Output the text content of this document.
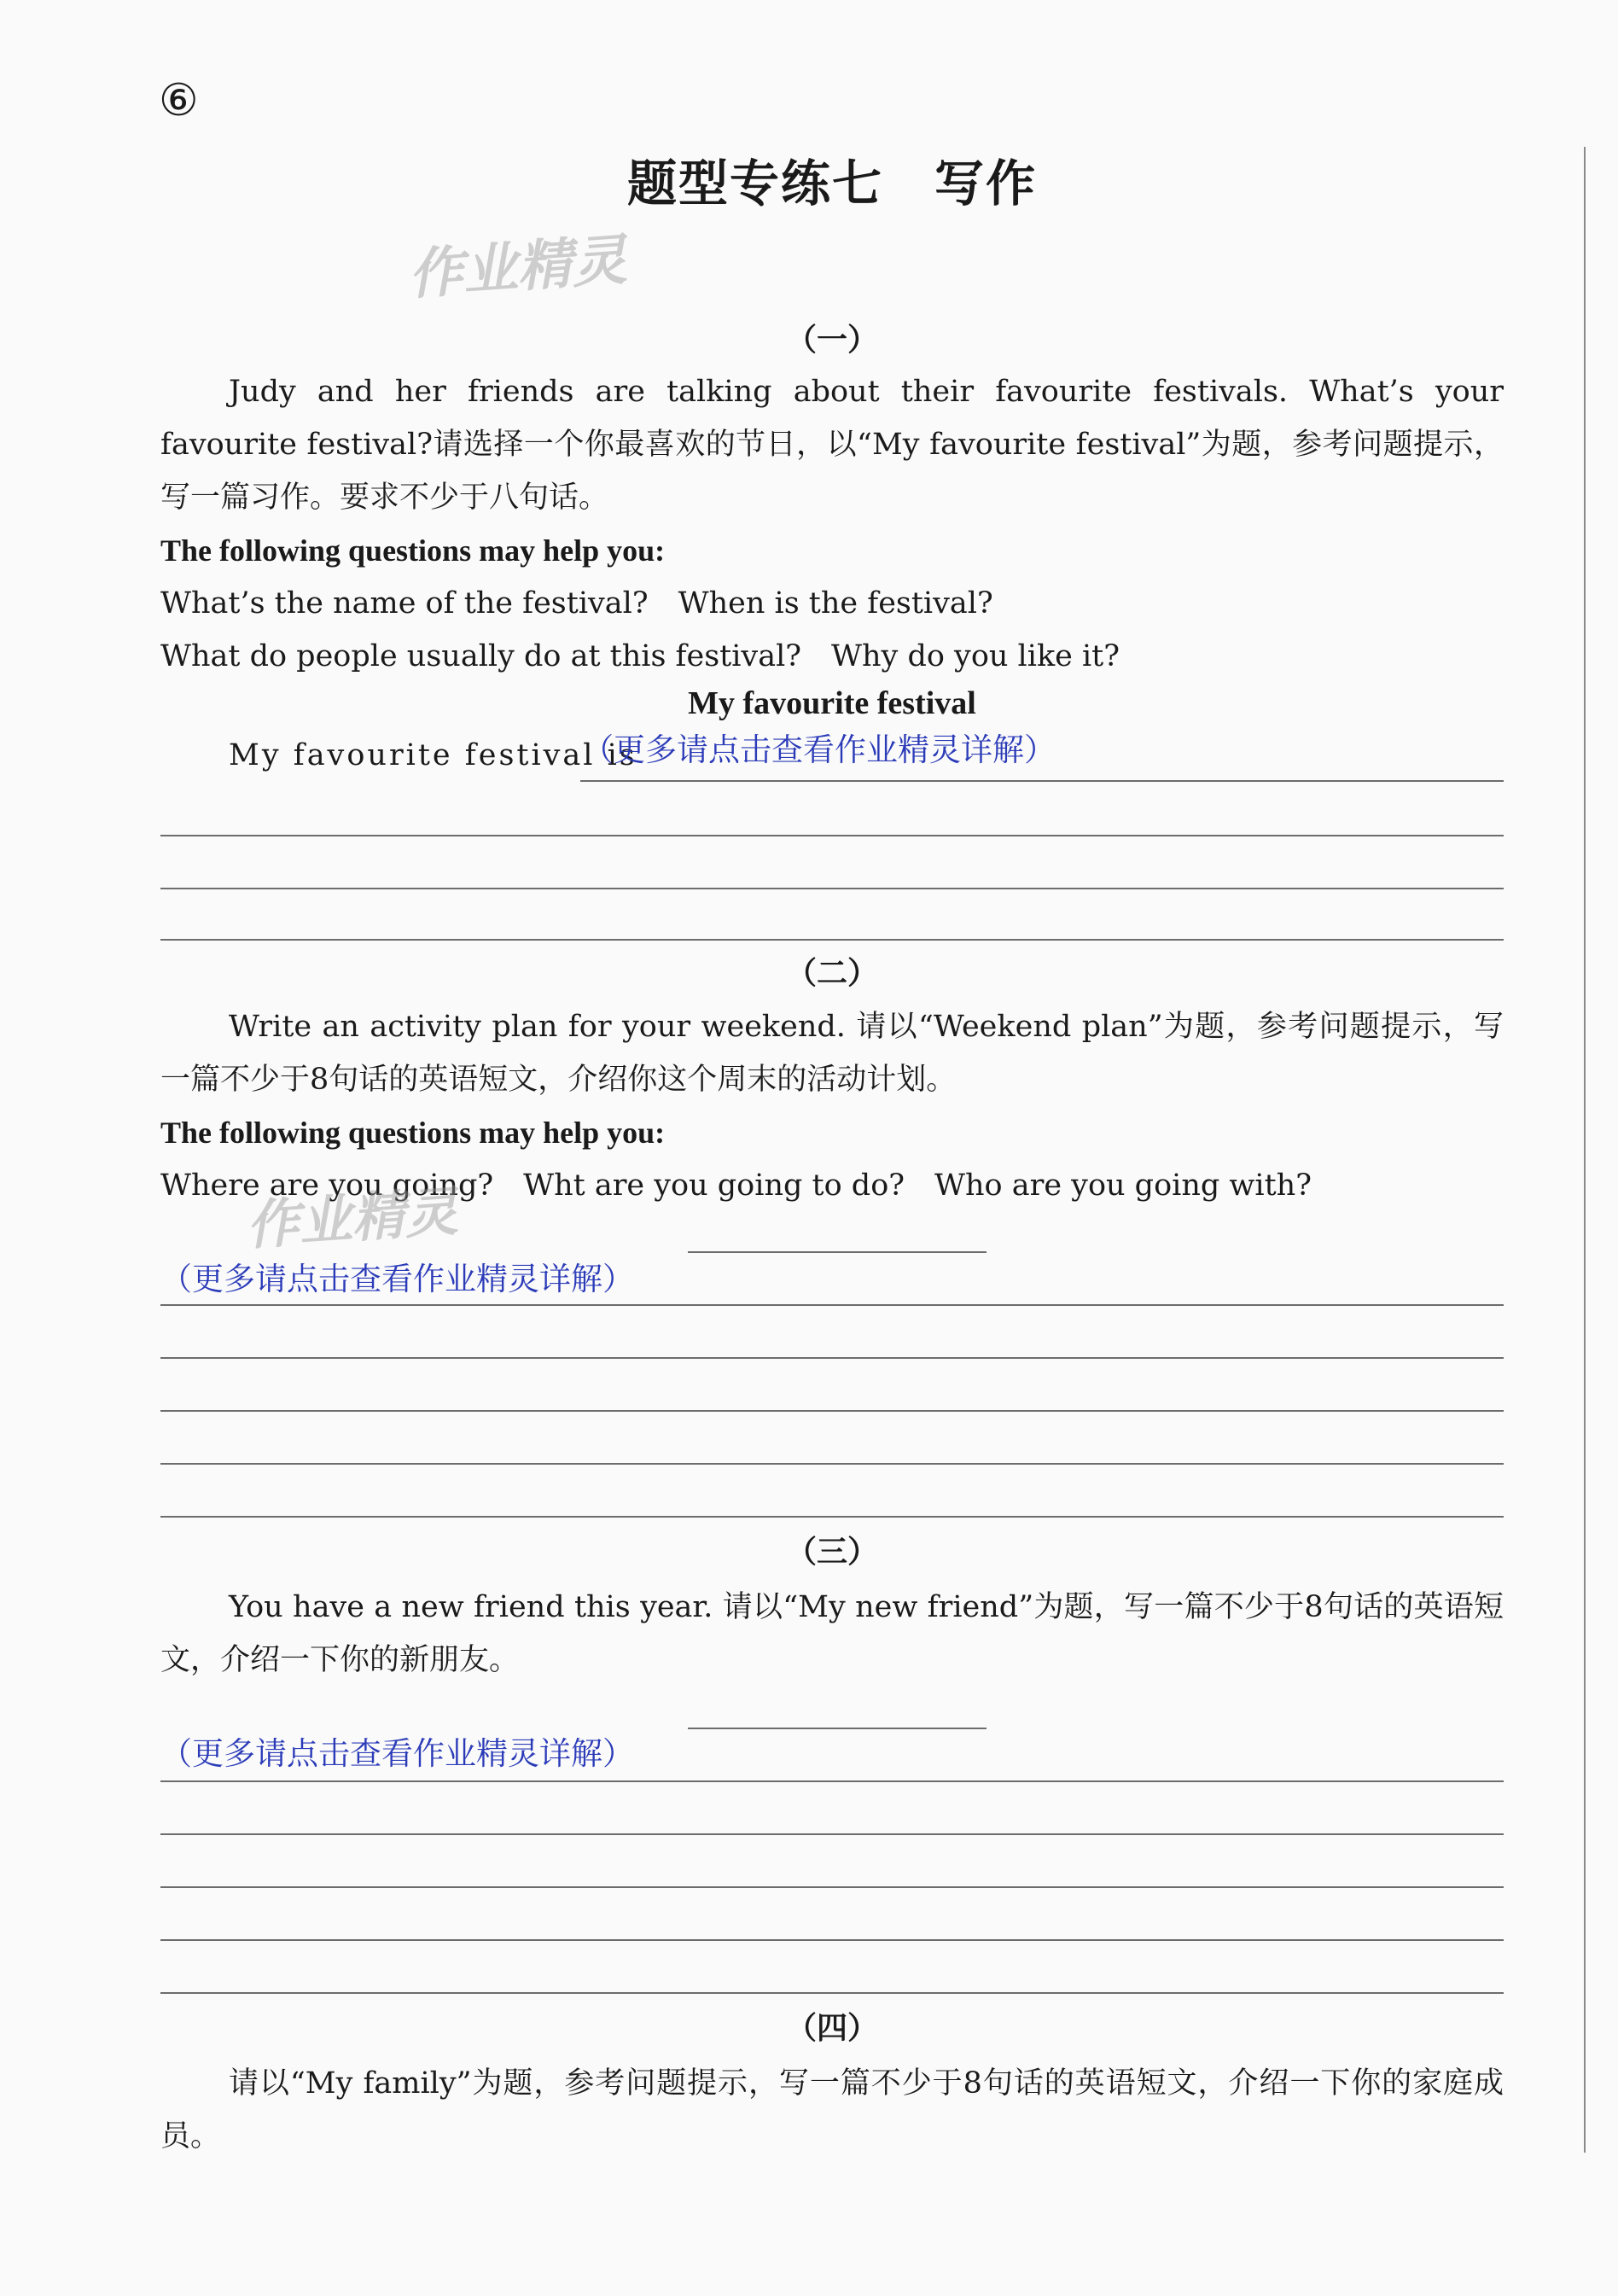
⑥
题型专练七　写作
作业精灵
（一）
Judy and her friends are talking about their favourite festivals. What’s your favourite festival?请选择一个你最喜欢的节日，以“My favourite festival”为题，参考问题提示，写一篇习作。要求不少于八句话。
The following questions may help you:
What’s the name of the festival?　When is the festival?
What do people usually do at this festival?　Why do you like it?
My favourite festival
My favourite festival is
（更多请点击查看作业精灵详解）
（二）
Write an activity plan for your weekend. 请以“Weekend plan”为题，参考问题提示，写一篇不少于8句话的英语短文，介绍你这个周末的活动计划。
The following questions may help you:
Where are you going?　Wht are you going to do?　Who are you going with?
作业精灵
（更多请点击查看作业精灵详解）
（三）
You have a new friend this year. 请以“My new friend”为题，写一篇不少于8句话的英语短文，介绍一下你的新朋友。
（更多请点击查看作业精灵详解）
（四）
请以“My family”为题，参考问题提示，写一篇不少于8句话的英语短文，介绍一下你的家庭成员。
